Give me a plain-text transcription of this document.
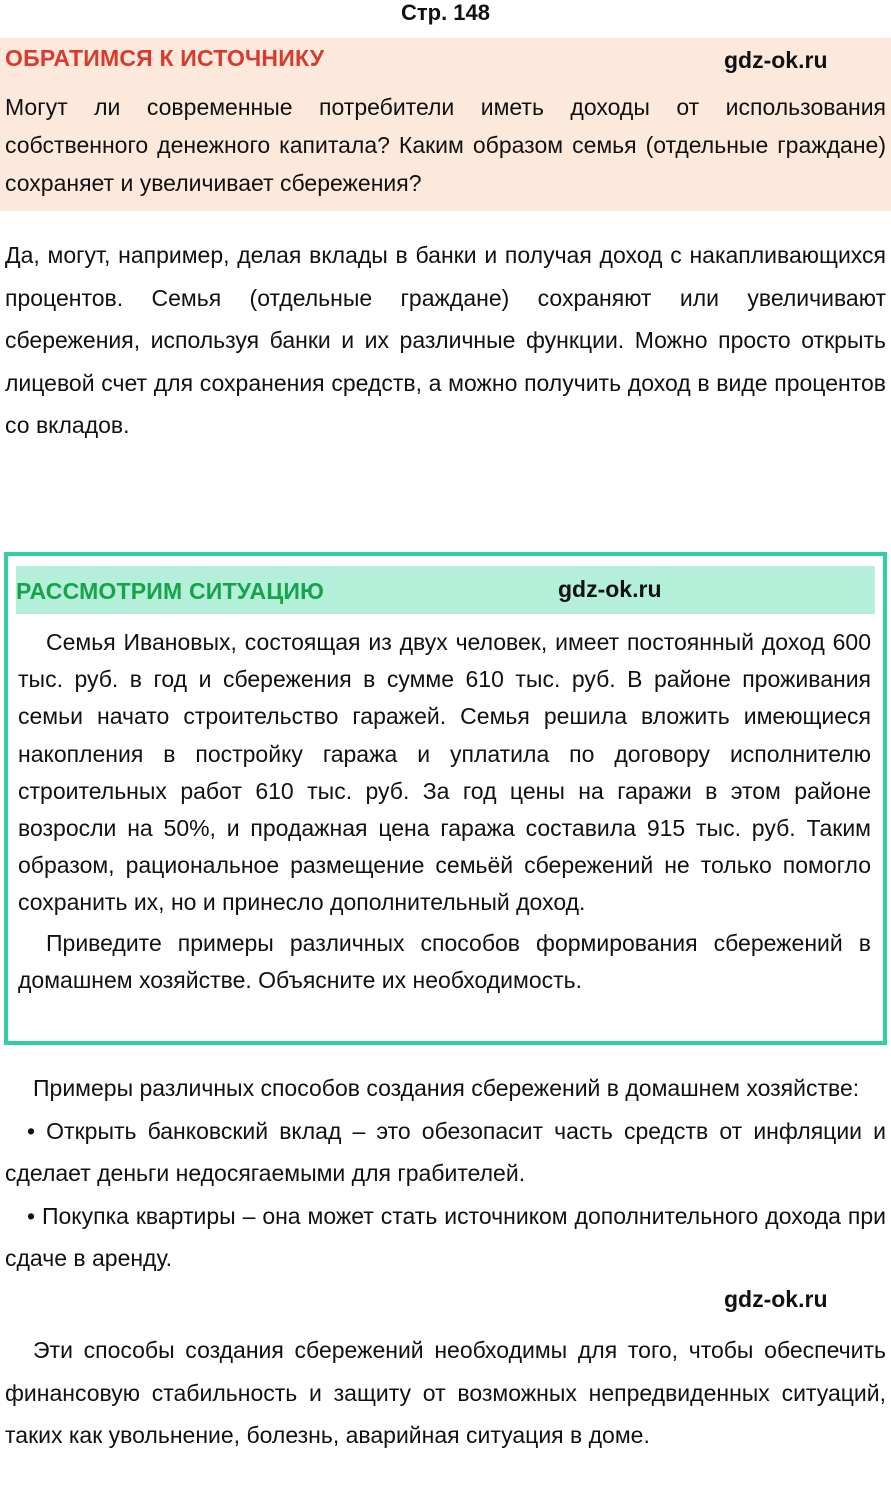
Стр. 148
ОБРАТИМСЯ К ИСТОЧНИКУ	gdz-ok.ru
Могут ли современные потребители иметь доходы от использования собственного денежного капитала? Каким образом семья (отдельные граждане) сохраняет и увеличивает сбережения?
Да, могут, например, делая вклады в банки и получая доход с накапливающихся процентов. Семья (отдельные граждане) сохраняют или увеличивают сбережения, используя банки и их различные функции. Можно просто открыть лицевой счет для сохранения средств, а можно получить доход в виде процентов со вкладов.
РАССМОТРИМ СИТУАЦИЮ	gdz-ok.ru

Семья Ивановых, состоящая из двух человек, имеет постоянный доход 600 тыс. руб. в год и сбережения в сумме 610 тыс. руб. В районе проживания семьи начато строительство гаражей. Семья решила вложить имеющиеся накопления в постройку гаража и уплатила по договору исполнителю строительных работ 610 тыс. руб. За год цены на гаражи в этом районе возросли на 50%, и продажная цена гаража составила 915 тыс. руб. Таким образом, рациональное размещение семьёй сбережений не только помогло сохранить их, но и принесло дополнительный доход.

Приведите примеры различных способов формирования сбережений в домашнем хозяйстве. Объясните их необходимость.

Примеры различных способов создания сбережений в домашнем хозяйстве:

• Открыть банковский вклад – это обезопасит часть средств от инфляции и сделает деньги недосягаемыми для грабителей.

• Покупка квартиры – она может стать источником дополнительного дохода при сдаче в аренду.

gdz-ok.ru

Эти способы создания сбережений необходимы для того, чтобы обеспечить финансовую стабильность и защиту от возможных непредвиденных ситуаций, таких как увольнение, болезнь, аварийная ситуация в доме.
